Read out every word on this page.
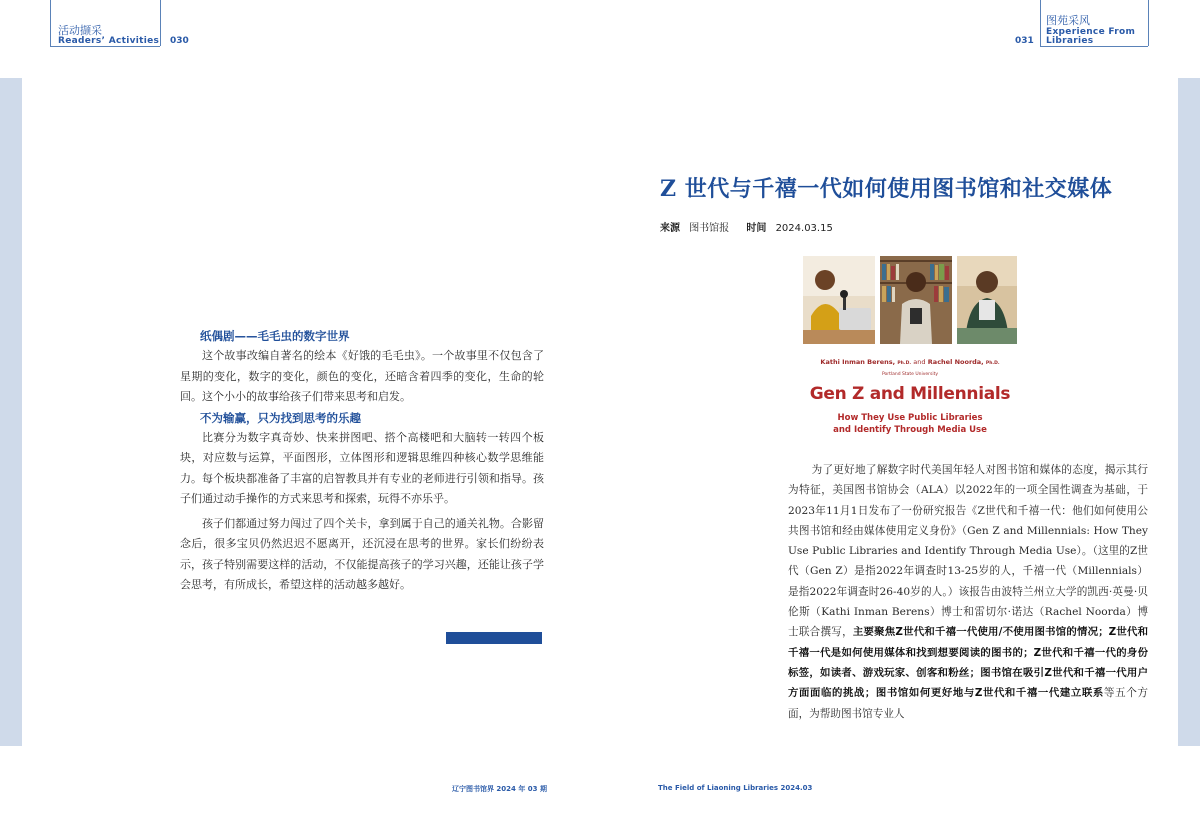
活动撷采
Readers’ Activities 030	031
图苑采风
Experience From
Libraries

纸偶剧——毛毛虫的数字世界

这个故事改编自著名的绘本《好饿的毛毛虫》。一个故事里不仅包含了星期的变化，数字的变化，颜色的变化，还暗含着四季的变化，生命的轮回。这个小小的故事给孩子们带来思考和启发。

不为输赢，只为找到思考的乐趣

比赛分为数字真奇妙、快来拼图吧、搭个高楼吧和大脑转一转四个板块，对应数与运算，平面图形，立体图形和逻辑思维四种核心数学思维能力。每个板块都准备了丰富的启智教具并有专业的老师进行引领和指导。孩子们通过动手操作的方式来思考和探索，玩得不亦乐乎。

孩子们都通过努力闯过了四个关卡，拿到属于自己的通关礼物。合影留念后，很多宝贝仍然迟迟不愿离开，还沉浸在思考的世界。家长们纷纷表示，孩子特别需要这样的活动，不仅能提高孩子的学习兴趣，还能让孩子学会思考，有所成长，希望这样的活动越多越好。

Z 世代与千禧一代如何使用图书馆和社交媒体
来源 图书馆报 时间 2024.03.15
Kathi Inman Berens, Ph.D. and Rachel Noorda, Ph.D.
Portland State University
Gen Z and Millennials
How They Use Public Libraries
and Identify Through Media Use

为了更好地了解数字时代美国年轻人对图书馆和媒体的态度，揭示其行为特征，美国图书馆协会（ALA）以2022年的一项全国性调查为基础，于2023年11月1日发布了一份研究报告《Z世代和千禧一代：他们如何使用公共图书馆和经由媒体使用定义身份》（Gen Z and Millennials: How They Use Public Libraries and Identify Through Media Use）。（这里的Z世代（Gen Z）是指2022年调查时13-25岁的人，千禧一代（Millennials）是指2022年调查时26-40岁的人。）该报告由波特兰州立大学的凯西·英曼·贝伦斯（Kathi Inman Berens）博士和雷切尔·诺达（Rachel Noorda）博士联合撰写，主要聚焦Z世代和千禧一代使用/不使用图书馆的情况；Z世代和千禧一代是如何使用媒体和找到想要阅读的图书的；Z世代和千禧一代的身份标签，如读者、游戏玩家、创客和粉丝；图书馆在吸引Z世代和千禧一代用户方面面临的挑战；图书馆如何更好地与Z世代和千禧一代建立联系等五个方面，为帮助图书馆专业人

辽宁图书馆界 2024 年 03 期	The Field of Liaoning Libraries 2024.03
